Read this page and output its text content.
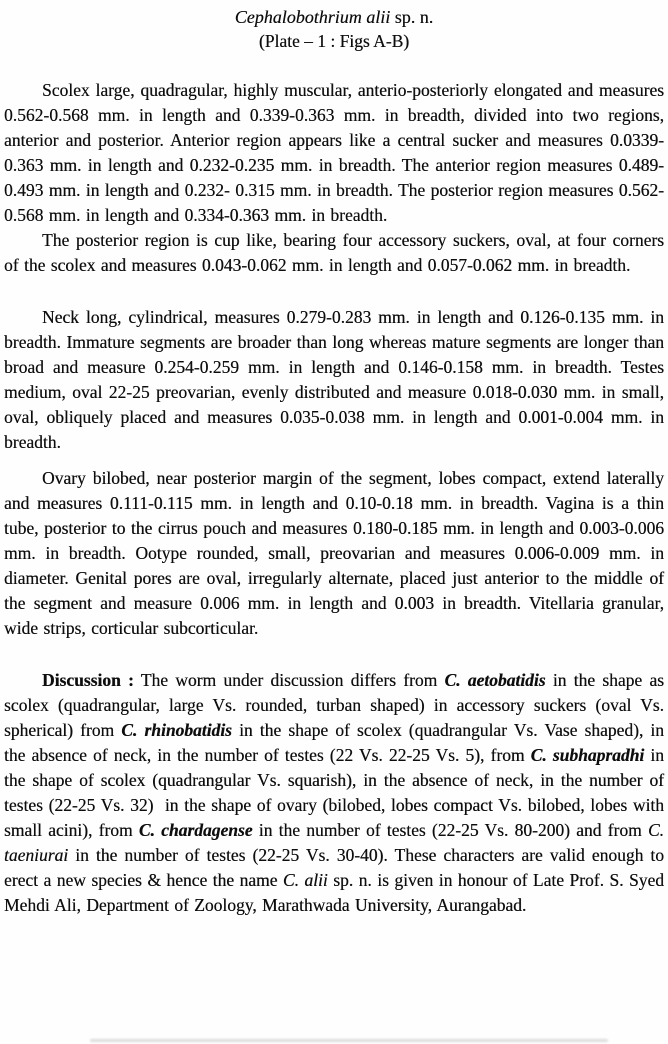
Cephalobothrium alii sp. n.
(Plate – 1 : Figs A-B)

Scolex large, quadragular, highly muscular, anterio-posteriorly elongated and measures 0.562-0.568 mm. in length and 0.339-0.363 mm. in breadth, divided into two regions, anterior and posterior. Anterior region appears like a central sucker and measures 0.0339-0.363 mm. in length and 0.232-0.235 mm. in breadth. The anterior region measures 0.489-0.493 mm. in length and 0.232- 0.315 mm. in breadth. The posterior region measures 0.562-0.568 mm. in length and 0.334-0.363 mm. in breadth.

The posterior region is cup like, bearing four accessory suckers, oval, at four corners of the scolex and measures 0.043-0.062 mm. in length and 0.057-0.062 mm. in breadth.

Neck long, cylindrical, measures 0.279-0.283 mm. in length and 0.126-0.135 mm. in breadth. Immature segments are broader than long whereas mature segments are longer than broad and measure 0.254-0.259 mm. in length and 0.146-0.158 mm. in breadth. Testes medium, oval 22-25 preovarian, evenly distributed and measure 0.018-0.030 mm. in small, oval, obliquely placed and measures 0.035-0.038 mm. in length and 0.001-0.004 mm. in breadth.

Ovary bilobed, near posterior margin of the segment, lobes compact, extend laterally and measures 0.111-0.115 mm. in length and 0.10-0.18 mm. in breadth. Vagina is a thin tube, posterior to the cirrus pouch and measures 0.180-0.185 mm. in length and 0.003-0.006 mm. in breadth. Ootype rounded, small, preovarian and measures 0.006-0.009 mm. in diameter. Genital pores are oval, irregularly alternate, placed just anterior to the middle of the segment and measure 0.006 mm. in length and 0.003 in breadth. Vitellaria granular, wide strips, corticular subcorticular.

Discussion : The worm under discussion differs from C. aetobatidis in the shape as scolex (quadrangular, large Vs. rounded, turban shaped) in accessory suckers (oval Vs. spherical) from C. rhinobatidis in the shape of scolex (quadrangular Vs. Vase shaped), in the absence of neck, in the number of testes (22 Vs. 22-25 Vs. 5), from C. subhapradhi in the shape of scolex (quadrangular Vs. squarish), in the absence of neck, in the number of testes (22-25 Vs. 32)  in the shape of ovary (bilobed, lobes compact Vs. bilobed, lobes with small acini), from C. chardagense in the number of testes (22-25 Vs. 80-200) and from C. taeniurai in the number of testes (22-25 Vs. 30-40). These characters are valid enough to erect a new species & hence the name C. alii sp. n. is given in honour of Late Prof. S. Syed Mehdi Ali, Department of Zoology, Marathwada University, Aurangabad.
